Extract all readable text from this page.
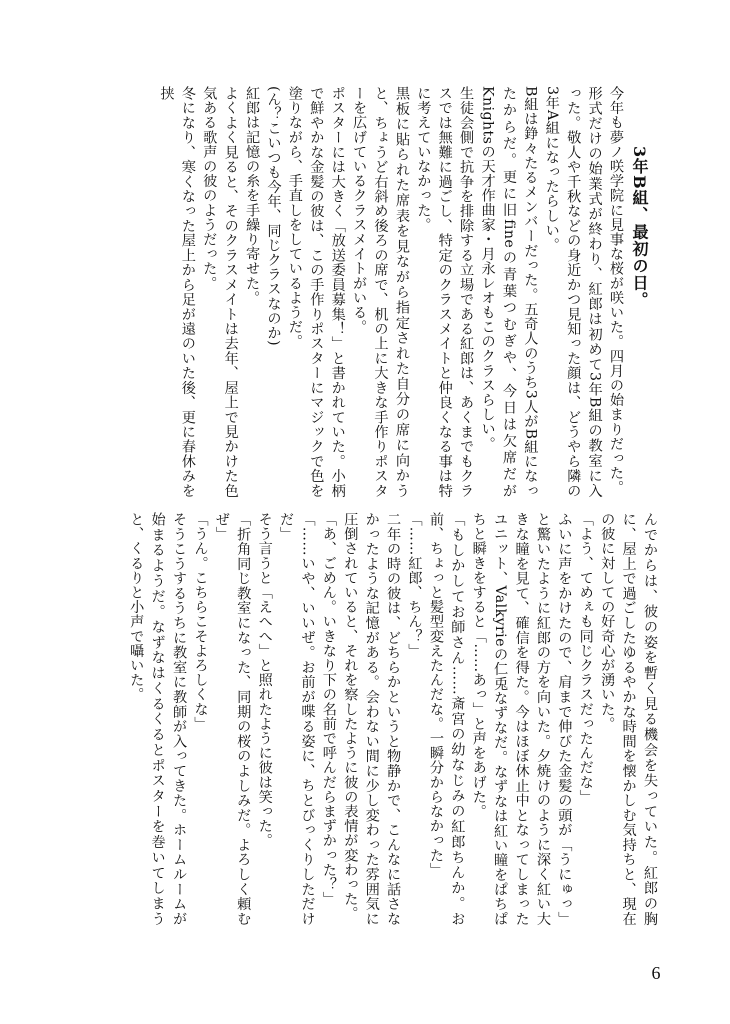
3年B組、最初の日。

今年も夢ノ咲学院に見事な桜が咲いた。四月の始まりだった。

形式だけの始業式が終わり、紅郎は初めて3年B組の教室に入った。敬人や千秋などの身近かつ見知った顔は、どうやら隣の3年A組になったらしい。

B組は錚々たるメンバーだった。五奇人のうち3人がB組になったからだ。更に旧fineの青葉つむぎや、今日は欠席だがKnightsの天才作曲家・月永レオもこのクラスらしい。

生徒会側で抗争を排除する立場である紅郎は、あくまでもクラスでは無難に過ごし、特定のクラスメイトと仲良くなる事は特に考えていなかった。

黒板に貼られた席表を見ながら指定された自分の席に向かうと、ちょうど右斜め後ろの席で、机の上に大きな手作りポスターを広げているクラスメイトがいる。

ポスターには大きく「放送委員募集！」と書かれていた。小柄で鮮やかな金髪の彼は、この手作りポスターにマジックで色を塗りながら、手直しをしているようだ。

(ん？こいつも今年、同じクラスなのか)

紅郎は記憶の糸を手繰り寄せた。

よくよく見ると、そのクラスメイトは去年、屋上で見かけた色気ある歌声の彼のようだった。

冬になり、寒くなった屋上から足が遠のいた後、更に春休みを挟

んでからは、彼の姿を暫く見る機会を失っていた。紅郎の胸に、屋上で過ごしたゆるやかな時間を懐かしむ気持ちと、現在の彼に対しての好奇心が湧いた。

「よう、てめぇも同じクラスだったんだな」

ふいに声をかけたので、肩まで伸びた金髪の頭が「うにゅっ」と驚いたように紅郎の方を向いた。夕焼けのように深く紅い大きな瞳を見て、確信を得た。今はほぼ休止中となってしまったユニット、Valkyrieの仁兎なずなだ。なずなは紅い瞳をぱちぱちと瞬きをすると「……あっ」と声をあげた。

「もしかしてお師さん……斎宮の幼なじみの紅郎ちんか。お前、ちょっと髪型変えたんだな。一瞬分からなかった」

「……紅郎、ちん？」

二年の時の彼は、どちらかというと物静かで、こんなに話さなかったような記憶がある。会わない間に少し変わった雰囲気に圧倒されていると、それを察したように彼の表情が変わった。

「あ、ごめん。いきなり下の名前で呼んだらまずかった？」

「……いや、いいぜ。お前が喋る姿に、ちとびっくりしただけだ」

そう言うと「えへへ」と照れたように彼は笑った。

「折角同じ教室になった、同期の桜のよしみだ。よろしく頼むぜ」

「うん。こちらこそよろしくな」

そうこうするうちに教室に教師が入ってきた。ホームルームが始まるようだ。なずなはくるくるとポスターを巻いてしまうと、くるりと小声で囁いた。

6
